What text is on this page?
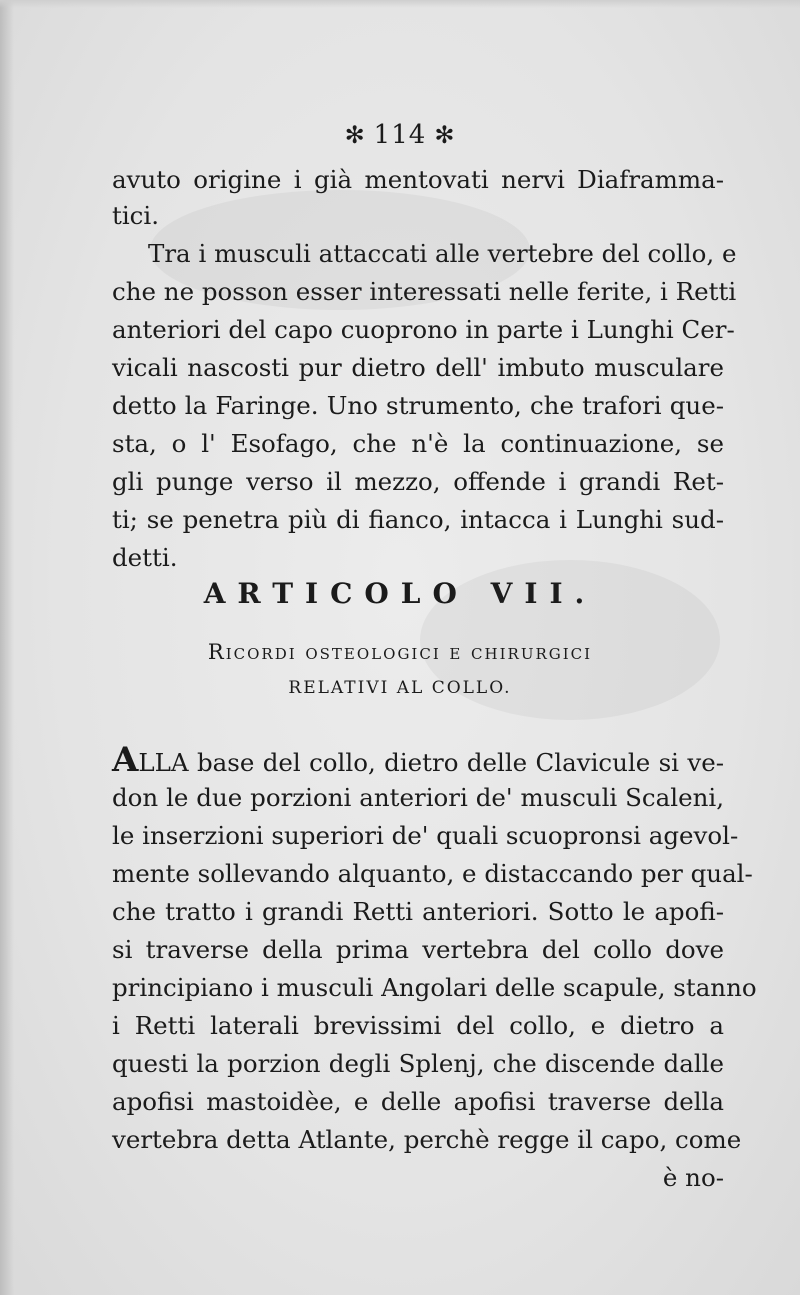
✻ 114 ✻
avuto origine i già mentovati nervi Diaframma-
tici.
Tra i musculi attaccati alle vertebre del collo, e
che ne posson esser interessati nelle ferite, i Retti
anteriori del capo cuoprono in parte i Lunghi Cer-
vicali nascosti pur dietro dell' imbuto musculare
detto la Faringe. Uno strumento, che trafori que-
sta, o l' Esofago, che n'è la continuazione, se
gli punge verso il mezzo, offende i grandi Ret-
ti; se penetra più di fianco, intacca i Lunghi sud-
detti.
ARTICOLO VII.
Ricordi osteologici e chirurgici
RELATIVI AL COLLO.
ALLA base del collo, dietro delle Clavicule si ve-
don le due porzioni anteriori de' musculi Scaleni,
le inserzioni superiori de' quali scuopronsi agevol-
mente sollevando alquanto, e distaccando per qual-
che tratto i grandi Retti anteriori. Sotto le apofi-
si traverse della prima vertebra del collo dove
principiano i musculi Angolari delle scapule, stanno
i Retti laterali brevissimi del collo, e dietro a
questi la porzion degli Splenj, che discende dalle
apofisi mastoidèe, e delle apofisi traverse della
vertebra detta Atlante, perchè regge il capo, come
è no-
